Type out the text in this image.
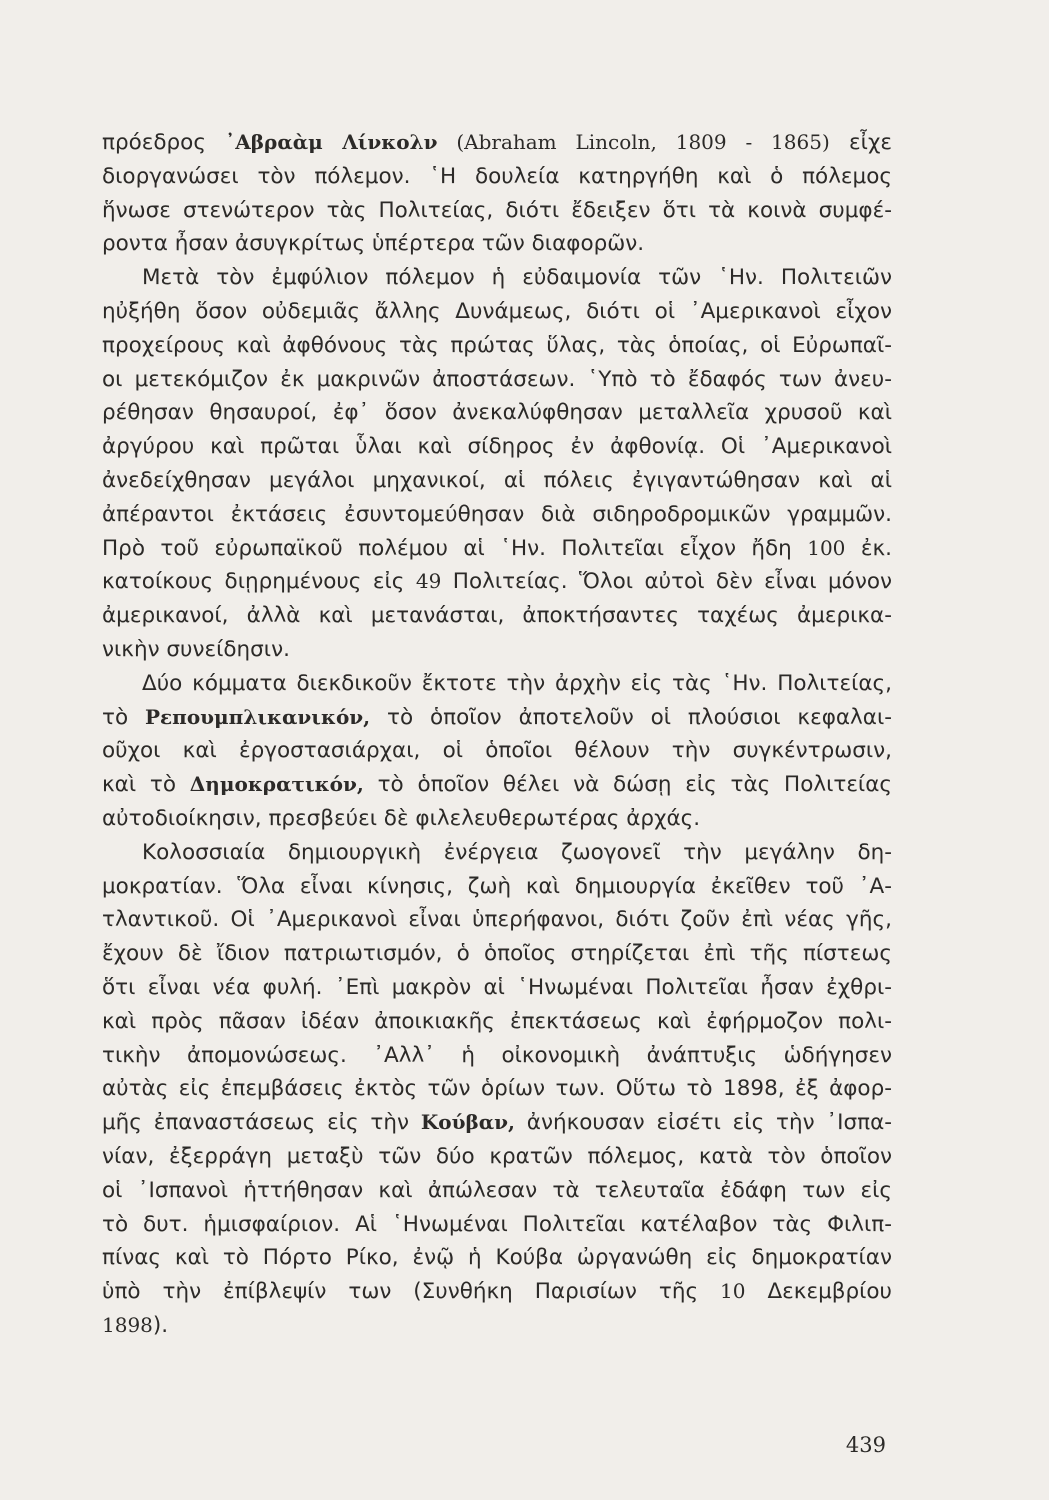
πρόεδρος ᾿Αβραὰμ Λίνκολν (Abraham Lincoln, 1809 - 1865) εἶχε
διοργανώσει τὸν πόλεμον. ῾Η δουλεία κατηργήθη καὶ ὁ πόλεμος
ἥνωσε στενώτερον τὰς Πολιτείας, διότι ἔδειξεν ὅτι τὰ κοινὰ συμφέ-
ροντα ἦσαν ἀσυγκρίτως ὑπέρτερα τῶν διαφορῶν.
Μετὰ τὸν ἐμφύλιον πόλεμον ἡ εὐδαιμονία τῶν ῾Ην. Πολιτειῶν
ηὐξήθη ὅσον οὐδεμιᾶς ἄλλης Δυνάμεως, διότι οἱ ᾿Αμερικανοὶ εἶχον
προχείρους καὶ ἀφθόνους τὰς πρώτας ὕλας, τὰς ὁποίας, οἱ Εὐρωπαῖ-
οι μετεκόμιζον ἐκ μακρινῶν ἀποστάσεων. ῾Υπὸ τὸ ἔδαφός των ἀνευ-
ρέθησαν θησαυροί, ἐφ᾿ ὅσον ἀνεκαλύφθησαν μεταλλεῖα χρυσοῦ καὶ
ἀργύρου καὶ πρῶται ὗλαι καὶ σίδηρος ἐν ἀφθονίᾳ. Οἱ ᾿Αμερικανοὶ
ἀνεδείχθησαν μεγάλοι μηχανικοί, αἱ πόλεις ἐγιγαντώθησαν καὶ αἱ
ἀπέραντοι ἐκτάσεις ἐσυντομεύθησαν διὰ σιδηροδρομικῶν γραμμῶν.
Πρὸ τοῦ εὐρωπαϊκοῦ πολέμου αἱ ῾Ην. Πολιτεῖαι εἶχον ἤδη 100 ἐκ.
κατοίκους διῃρημένους εἰς 49 Πολιτείας. Ὅλοι αὐτοὶ δὲν εἶναι μόνον
ἀμερικανοί, ἀλλὰ καὶ μετανάσται, ἀποκτήσαντες ταχέως ἀμερικα-
νικὴν συνείδησιν.
Δύο κόμματα διεκδικοῦν ἔκτοτε τὴν ἀρχὴν εἰς τὰς ῾Ην. Πολιτείας,
τὸ Ρεπουμπλικανικόν, τὸ ὁποῖον ἀποτελοῦν οἱ πλούσιοι κεφαλαι-
οῦχοι καὶ ἐργοστασιάρχαι, οἱ ὁποῖοι θέλουν τὴν συγκέντρωσιν,
καὶ τὸ Δημοκρατικόν, τὸ ὁποῖον θέλει νὰ δώσῃ εἰς τὰς Πολιτείας
αὐτοδιοίκησιν, πρεσβεύει δὲ φιλελευθερωτέρας ἀρχάς.
Κολοσσιαία δημιουργικὴ ἐνέργεια ζωογονεῖ τὴν μεγάλην δη-
μοκρατίαν. Ὅλα εἶναι κίνησις, ζωὴ καὶ δημιουργία ἐκεῖθεν τοῦ ᾿Α-
τλαντικοῦ. Οἱ ᾿Αμερικανοὶ εἶναι ὑπερήφανοι, διότι ζοῦν ἐπὶ νέας γῆς,
ἔχουν δὲ ἴδιον πατριωτισμόν, ὁ ὁποῖος στηρίζεται ἐπὶ τῆς πίστεως
ὅτι εἶναι νέα φυλή. ᾿Επὶ μακρὸν αἱ ῾Ηνωμέναι Πολιτεῖαι ἦσαν ἐχθρι-
καὶ πρὸς πᾶσαν ἰδέαν ἀποικιακῆς ἐπεκτάσεως καὶ ἐφήρμοζον πολι-
τικὴν ἀπομονώσεως. ᾿Αλλ᾿ ἡ οἰκονομικὴ ἀνάπτυξις ὡδήγησεν
αὐτὰς εἰς ἐπεμβάσεις ἐκτὸς τῶν ὁρίων των. Οὕτω τὸ 1898, ἐξ ἀφορ-
μῆς ἐπαναστάσεως εἰς τὴν Κούβαν, ἀνήκουσαν εἰσέτι εἰς τὴν ᾿Ισπα-
νίαν, ἐξερράγη μεταξὺ τῶν δύο κρατῶν πόλεμος, κατὰ τὸν ὁποῖον
οἱ ᾿Ισπανοὶ ἡττήθησαν καὶ ἀπώλεσαν τὰ τελευταῖα ἐδάφη των εἰς
τὸ δυτ. ἡμισφαίριον. Αἱ ῾Ηνωμέναι Πολιτεῖαι κατέλαβον τὰς Φιλιπ-
πίνας καὶ τὸ Πόρτο Ρίκο, ἐνῷ ἡ Κούβα ὠργανώθη εἰς δημοκρατίαν
ὑπὸ τὴν ἐπίβλεψίν των (Συνθήκη Παρισίων τῆς 10 Δεκεμβρίου
1898).
439
